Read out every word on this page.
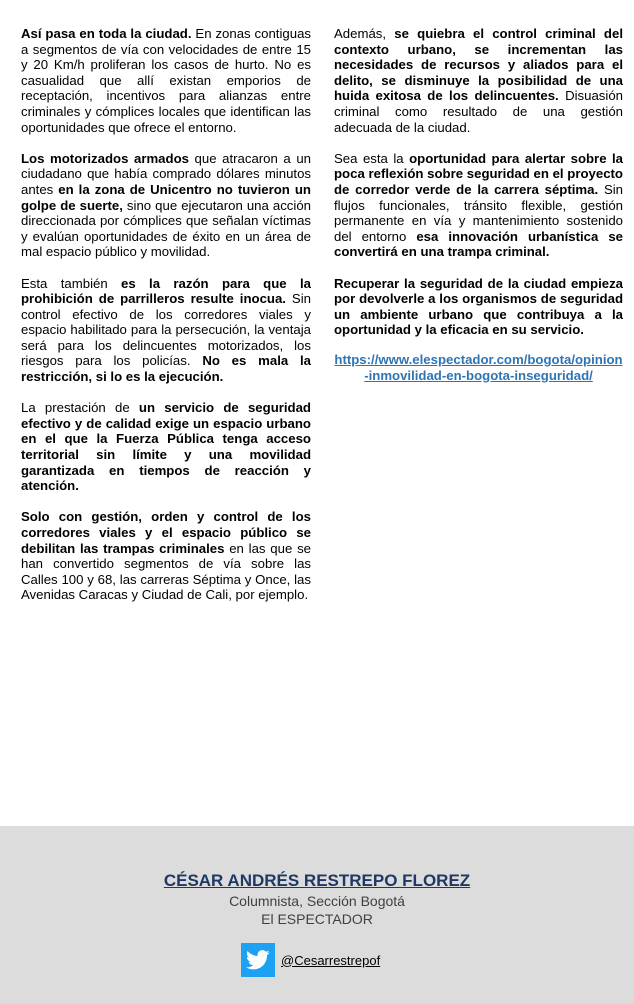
Así pasa en toda la ciudad. En zonas contiguas a segmentos de vía con velocidades de entre 15 y 20 Km/h proliferan los casos de hurto. No es casualidad que allí existan emporios de receptación, incentivos para alianzas entre criminales y cómplices locales que identifican las oportunidades que ofrece el entorno.

Los motorizados armados que atracaron a un ciudadano que había comprado dólares minutos antes en la zona de Unicentro no tuvieron un golpe de suerte, sino que ejecutaron una acción direccionada por cómplices que señalan víctimas y evalúan oportunidades de éxito en un área de mal espacio público y movilidad.

Esta también es la razón para que la prohibición de parrilleros resulte inocua. Sin control efectivo de los corredores viales y espacio habilitado para la persecución, la ventaja será para los delincuentes motorizados, los riesgos para los policías. No es mala la restricción, si lo es la ejecución.

La prestación de un servicio de seguridad efectivo y de calidad exige un espacio urbano en el que la Fuerza Pública tenga acceso territorial sin límite y una movilidad garantizada en tiempos de reacción y atención.

Solo con gestión, orden y control de los corredores viales y el espacio público se debilitan las trampas criminales en las que se han convertido segmentos de vía sobre las Calles 100 y 68, las carreras Séptima y Once, las Avenidas Caracas y Ciudad de Cali, por ejemplo.

Además, se quiebra el control criminal del contexto urbano, se incrementan las necesidades de recursos y aliados para el delito, se disminuye la posibilidad de una huida exitosa de los delincuentes. Disuasión criminal como resultado de una gestión adecuada de la ciudad.

Sea esta la oportunidad para alertar sobre la poca reflexión sobre seguridad en el proyecto de corredor verde de la carrera séptima. Sin flujos funcionales, tránsito flexible, gestión permanente en vía y mantenimiento sostenido del entorno esa innovación urbanística se convertirá en una trampa criminal.

Recuperar la seguridad de la ciudad empieza por devolverle a los organismos de seguridad un ambiente urbano que contribuya a la oportunidad y la eficacia en su servicio.

https://www.elespectador.com/bogota/opinion-inmovilidad-en-bogota-inseguridad/
CÉSAR ANDRÉS RESTREPO FLOREZ
Columnista, Sección Bogotá
El ESPECTADOR
@Cesarrestrepof
